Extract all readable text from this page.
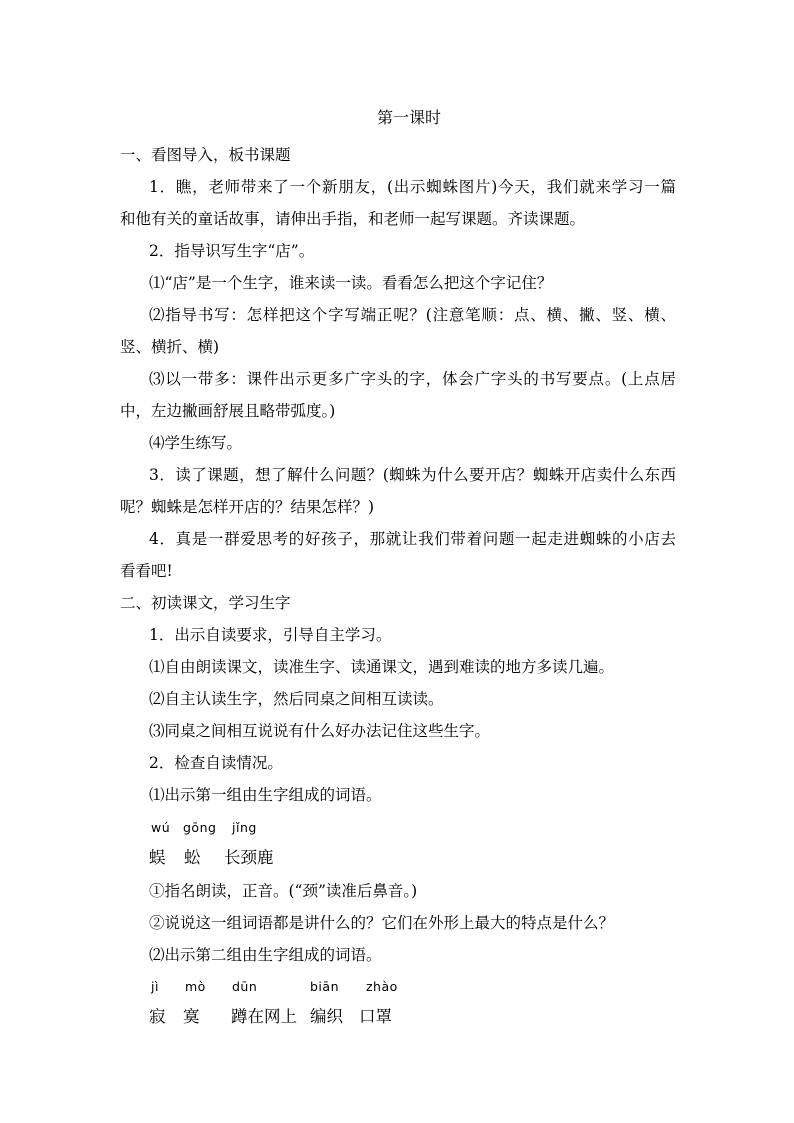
第一课时
一、看图导入，板书课题
1．瞧，老师带来了一个新朋友，(出示蜘蛛图片)今天，我们就来学习一篇
和他有关的童话故事，请伸出手指，和老师一起写课题。齐读课题。
2．指导识写生字“店”。
⑴“店”是一个生字，谁来读一读。看看怎么把这个字记住？
⑵指导书写：怎样把这个字写端正呢？(注意笔顺：点、横、撇、竖、横、
竖、横折、横)
⑶以一带多：课件出示更多广字头的字，体会广字头的书写要点。(上点居
中，左边撇画舒展且略带弧度。)
⑷学生练写。
3．读了课题，想了解什么问题？(蜘蛛为什么要开店？蜘蛛开店卖什么东西
呢？蜘蛛是怎样开店的？结果怎样？)
4．真是一群爱思考的好孩子，那就让我们带着问题一起走进蜘蛛的小店去
看看吧!
二、初读课文，学习生字
1．出示自读要求，引导自主学习。
⑴自由朗读课文，读准生字、读通课文，遇到难读的地方多读几遍。
⑵自主认读生字，然后同桌之间相互读读。
⑶同桌之间相互说说有什么好办法记住这些生字。
2．检查自读情况。
⑴出示第一组由生字组成的词语。
wú gōng jǐng
蜈 蚣 长颈鹿
①指名朗读，正音。(“颈”读准后鼻音。)
②说说这一组词语都是讲什么的？它们在外形上最大的特点是什么？
⑵出示第二组由生字组成的词语。
jì mò dūn	biān zhào
寂 寞 蹲在网上 编织 口罩
